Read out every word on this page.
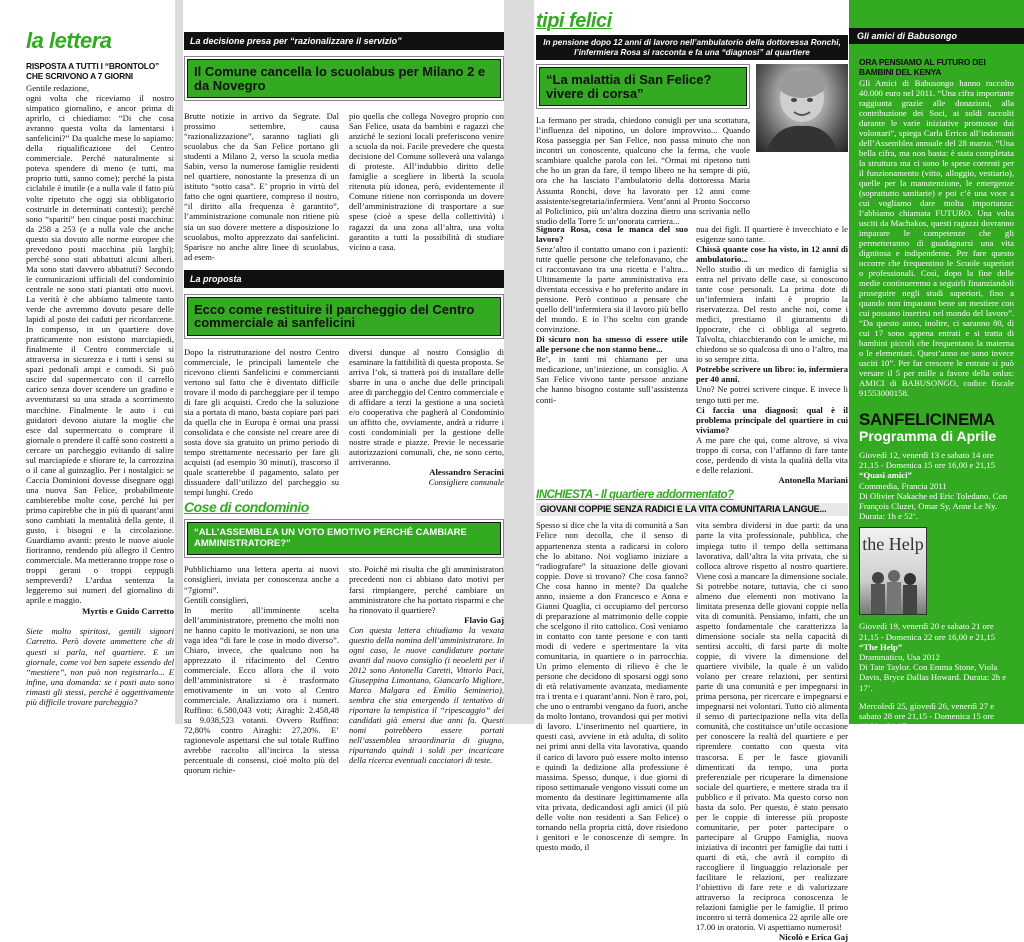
la lettera
RISPOSTA A TUTTI I “BRONTOLO” CHE SCRIVONO A 7 GIORNI

Gentile redazione,

ogni volta che riceviamo il nostro simpatico giornalino, e ancor prima di aprirlo, ci chiediamo: “Di che cosa avranno questa volta da lamentarsi i sanfelicini?” Da qualche mese lo sapiamo: della riqualificazione del Centro commerciale. Perché naturalmente si poteva spendere di meno (e tutti, ma proprio tutti, sanno come); perché la pista ciclabile è inutile (e a nulla vale il fatto più volte ripetuto che oggi sia obbligatorio costruirle in determinati contesti); perché sono “spariti” ben cinque posti macchina: da 258 a 253 (e a nulla vale che anche questo sia dovuto alle norme europee che prevedono posti macchina più larghi); perché sono stati abbattuti alcuni alberi. Ma sono stati davvero abbattuti? Secondo le comunicazioni ufficiali del condominio centrale ne sono stati piantati otto nuovi. La verità è che abbiamo talmente tanto verde che avremmo dovuto pesare delle lapidi al posto dei caduti per ricordarcene. In compenso, in un quartiere dove pratticamente non esistono marciapiedi, finalmente il Centro commerciale si attraversa in sicurezza e i tutti i sensi su spazi pedonali ampi e comodi. Si può uscire dal supermercato con il carrello carico senza dover scendere un gradino e avventurarsi su una strada a scorrimento macchine. Finalmente le auto i cui guidatori devono aiutare la moglie che esce dal supermercato o comprare il giornale o prendere il caffè sono costretti a cercare un parcheggio evitando di salire sul marciapiede e sfiorare te, la carrozzina o il cane al guinzaglio. Per i nostalgici: se Caccia Dominioni dovesse disegnare oggi una nuova San Felice, probabilmente cambierebbe molte cose, perché lui per primo capirebbe che in più di quarant’anni sono cambiati la mentalità della gente, il gusto, i bisogni e la circolazione. Guardiamo avanti: presto le nuove aiuole fioriranno, rendendo più allegro il Centro commerciale. Ma metteranno troppe rose o troppi gerani o troppi ceppugli sempreverdi? L’ardua sentenza la leggeremo sui numeri del giornalino di aprile e maggio.

Myrtis e Guido Carretto
Siete molto spiritosi, gentili signori Carretto. Però dovete ammettere che di questi si parla, nel quartiere. E un giornale, come voi ben sapete essendo del “mestiere”, non può non registrarlo... E infine, una domanda: se i posti auto sono rimasti gli stessi, perché è oggettivamente più difficile trovare parcheggio?
La decisione presa per “razionalizzare il servizio”
Il Comune cancella lo scuolabus per Milano 2 e da Novegro
Brutte notizie in arrivo da Segrate. Dal prossimo settembre, causa “razionalizzazione”, saranno tagliati gli scuolabus che da San Felice portano gli studenti a Milano 2, verso la scuola media Sabin, verso la numerose famiglie residenti nel quartiere, nonostante la presenza di un istituto “sotto casa”. E’ proprio in virtù del fatto che ogni quartiere, compreso il nostro, “il diritto alla frequenza è garantito”, l’amministrazione comunale non ritiene più sia un suo dovere mettere a disposizione lo scuolabus, molto apprezzato dai sanfelicini. Sparisce no anche altre linee di scuolabus, ad esem-
pio quella che collega Novegro proprio con San Felice, usata da bambini e ragazzi che anziché le sezioni locali preferiscono venire a scuola da noi. Facile prevedere che questa decisione del Comune solleverà una valanga di proteste. All’indubbio diritto delle famiglie a scegliere in libertà la scuola ritenuta più idonea, però, evidentemente il Comune ritiene non corrisponda un dovere dell’amministrazione di trasportare a sue spese (cioè a spese della collettività) i ragazzi da una zona all’altra, una volta garantito a tutti la possibilità di studiare vicino a casa.
La proposta
Ecco come restituire il parcheggio del Centro commerciale ai sanfelicini
Dopo la ristrutturazione del nostro Centro commerciale, le principali lamentele che ricevono clienti Sanfelicini e commercianti vertono sul fatto che è diventato difficile trovare il modo di parcheggiare per il tempo di fare gli acquisti. Credo che la soluzione sia a portata di mano, basta copiare pari pari da quella che in Europa è ormai una prassi consolidata e che consiste nel creare aree di sosta dove sia gratuito un primo periodo di tempo strettamente necessario per fare gli acquisti (ad esempio 30 minuti), trascorso il quale scatterebbe il pagamento, salato per dissuadere dall’utilizzo del parcheggio su tempi lunghi. Credo
diversi dunque al nostro Consiglio di esaminare la fattibilità di questa proposta. Se arriva l’ok, si tratterà poi di installare delle sbarre in una o anche due delle principali aree di parcheggio del Centro commerciale e di affidare a terzi la gestione a una società e/o cooperativa che pagherà al Condominio un affitto che, ovviamente, andrà a ridurre i costi condominiali per la gestione delle nostre strade e piazze. Previe le necessarie autorizzazioni comunali, che, ne sono certo, arriveranno.
Alessandro Seracini
Consigliere comunale
Cose di condominio
“ALL’ASSEMBLEA UN VOTO EMOTIVO PERCHÉ CAMBIARE AMMINISTRATORE?”
Pubblichiamo una lettera aperta ai nuovi consiglieri, inviata per conoscenza anche a “7giorni”.
Gentili consiglieri,
In merito all’imminente scelta dell’amministratore, premetto che molti non ne hanno capito le motivazioni, se non una vaga idea “di fare le cose in modo diverso”. Chiaro, invece, che qualcuno non ha apprezzato il rifacimento del Centro commerciale. Ecco allora che il voto dell’amministratore si è trasformato emotivamente in un voto al Centro commerciale. Analizziamo ora i numeri. Ruffino: 6.580,043 voti; Airaghi: 2.458,48 su 9.038,523 votanti. Ovvero Ruffino: 72,80% contro Airaghi: 27,20%. E’ ragionevole aspettarsi che sul totale Ruffino avrebbe raccolto all’incirca la stessa percentuale di consensi, cioè molto più del quorum richie-
sto. Poiché mi risulta che gli amministratori precedenti non ci abbiano dato motivi per farsi rimpiangere, perché cambiare un amministratore che ha portato risparmi e che ha rinnovato il quartiere?
Flavio Gaj
Con questa lettera chiudiamo la vexata questio della nomina dell’amministratore. In ogni caso, le nuove candidature portate avanti dal nuovo consiglio (i neoeletti per il 2012 sono Antonella Caretti, Vittorio Paci, Giuseppina Limontano, Giancarlo Migliore, Marco Malgara ed Emilio Seminerio), sembra che stia emergendo il tentativo di riportare la tempistica il “ripescaggio” dei candidati già emersi due anni fa. Questi nomi potrebbero essere portati nell’assemblea straordinaria di giugno, ripurtando quindi i soldi per incaricare della ricerca eventuali cacciatori di teste.
tipi felici
In pensione dopo 12 anni di lavoro nell’ambulatorio della dottoressa Ronchi, l’infermiera Rosa si racconta e fa una “diagnosi” al quartiere
“La malattia di San Felice? vivere di corsa”
La fermano per strada, chiedono consigli per una scottatura, l’influenza del nipotino, un dolore improvviso... Quando Rosa passeggia per San Felice, non passa minuto che non incontri un conoscente, qualcuno che la ferma, che vuole scambiare qualche parola con lei. “Ormai mi ripetono tutti che ho un gran da fare, il tempo libero ne ha sempre di più, ora che ha lasciato l’ambulatorio della dottoressa Maria Assunta Ronchi, dove ha lavorato per 12 anni come assistente/segretaria/infermiera. Vent’anni al Pronto Soccorso al Policlinico, più un’altra dozzina dietro una scrivania nello studio della Torre 5: un’onorata carriera...

Signora Rosa, cosa le manca del suo lavoro?

Senz’altro il contatto umano con i pazienti: tutte quelle persone che telefonavano, che ci raccontavano tra una ricetta e l’altra... Ultimamente la parte amministrativa era diventata eccessiva e ho preferito andare in pensione. Però continuo a pensare che quello dell’infermiera sia il lavoro più bello del mondo. E io l’ho scelto con grande convinzione.

Di sicuro non ha smesso di essere utile alle persone che non stanno bene...

Be’, in tanti mi chiamano per una medicazione, un’iniezione, un consiglio. A San Felice vivono tante persone anziane che hanno bisogno costante sull’assistenza conti-

nua dei figli. Il quartiere è invecchiato e le esigenze sono tante.

Chissà quante cose ha visto, in 12 anni di ambulatorio...

Nello studio di un medico di famiglia si entra nel privato delle case, si conoscono tante cose personali. La prima dote di un’infermiera infatti è proprio la riservatezza. Del resto anche noi, come i medici, prestiamo il giuramento di Ippocrate, che ci obbliga al segreto. Talvolta, chiacchierando con le amiche, mi chiedono se so qualcosa di uno o l’altro, ma io so sempre zitta.

Potrebbe scrivere un libro: io, infermiera per 40 anni.

Uno? Ne potrei scrivere cinque. E invece li tengo tutti per me.

Ci faccia una diagnosi: qual è il problema principale del quartiere in cui viviamo?

A me pare che qui, come altrove, si viva troppo di corsa, con l’affanno di fare tante cose, perdendo di vista la qualità della vita e delle relazioni.

Antonella Mariani
INCHIESTA - Il quartiere addormentato?
GIOVANI COPPIE SENZA RADICI E LA VITA COMUNITARIA LANGUE...
Spesso si dice che la vita di comunità a San Felice non decolla, che il senso di appartenenza stenta a radicarsi in coloro che lo abitano. Noi vogliamo iniziare a “radiografare” la situazione delle giovani coppie. Dove si trovano? Che cosa fanno? Che cosa hanno in mente? Da qualche anno, insieme a don Francesco e Anna e Gianni Quaglia, ci occupiamo del percorso di preparazione al matrimonio delle coppie che scelgono il rito cattolico. Così veniamo in contatto con tante persone e con tanti modi di vedere e sperimentare la vita comunitaria, in quartiere o in parrocchia. Un primo elemento di rilievo è che le persone che decidono di sposarsi oggi sono di età relativamente avanzata, mediamente tra i trenta e i quarant’anni. Non è raro, poi, che uno o entrambi vengano da fuori, anche da molto lontano, trovandosi qui per motivi di lavoro. L’inserimento nel quartiere, in questi casi, avviene in età adulta, di solito nei primi anni della vita lavorativa, quando il carico di lavoro può essere molto intenso e quindi la dedizione alla professione è massima. Spesso, dunque, i due giorni di riposo settimanale vengono vissuti come un momento da destinare legittimamente alla vita privata, dedicandosi agli amici (il più delle volte non residenti a San Felice) o tornando nella propria città, dove risiedono i genitori e le conoscenze di sempre. In questo modo, il
vita sembra dividersi in due parti: da una parte la vita professionale, pubblica, che impiega tutto il tempo della settimana lavorativa, dall’altra la vita privata, che si colloca altrove rispetto al nostro quartiere. Viene così a mancare la dimensione sociale. Si potrebbe notare, tuttavia, che ci sono almeno due elementi non motivano la limitata presenza delle giovani coppie nella vita di comunità. Pensiamo, infatti, che un aspetto fondamentale che caratterizza la dimensione sociale sta nella capacità di sentirsi accolti, di farsi parte di molte coppie, di vivere la dimensione del quartiere vivibile, la quale è un valido volano per creare relazioni, per sentirsi parte di una comunità e per impegnarsi in prima persona, per ricercare e impegnarsi e impegnarsi nei volontari. Tutto ciò alimenta il senso di partecipazione nella vita della comunità, che costituisce un’utile occasione per conoscere la realtà del quartiere e per riprendere contatto con questa vita trascorsa. E per le fasce giovanili dimenticati da tempo, una porta preferenziale per ricuperare la dimensione sociale del quartiere, e mettere strada tra il pubblico e il privato. Ma questo corso non basta da solo. Per questo, è stato pensato per le coppie di interesse più proposte comunitarie, per poter partecipare o partecipare al Gruppo Famiglia, nuova iniziativa di incontri per famiglie dai tutti i quarti di età, che avrà il compito di raccogliere il linguaggio relazionale per facilitare le relazioni, per realizzare l’obiettivo di fare rete e di valorizzare attraverso la reciproca conoscenza le relazioni famiglie per le famiglie. Il primo incontro si terrà domenica 22 aprile alle ore 17.00 in oratorio. Vi aspettiamo numerosi!
Nicolò e Erica Gaj
Gli amici di Babusongo
ORA PENSIAMO AL FUTURO DEI BAMBINI DEL KENYA
Gli Amici di Babusongo hanno raccolto 40.000 euro nel 2011. “Una cifra importante raggiunta grazie alle donazioni, alla contribuzione dei Soci, ai soldi raccolti durante le varie iniziative promosse dai volontari”, spiega Carla Errico all’indomani dell’Assemblea annuale del 28 marzo. “Una bella cifra, ma non basta: è stata completata la struttura ma ci sono le spese correnti per il funzionamento (vitto, alloggio, vestiario), quelle per la manutenzione, le emergenze (soprattutto sanitarie) e poi c’è una voce a cui vogliamo dare molta importanza: l’abbiamo chiamata FUTURO. Una volta usciti da Machakos, questi ragazzi dovranno imparare le competenze che gli permetteranno di guadagnarsi una vita dignitosa e indipendente. Per fare questo occorre che frequentino le Scuole superiori o professionali. Così, dopo la fine delle medie continueremo a seguirli finanziandoli proseguire negli studi superiori, fino a quando non imparano bene un mestiere con cui possano inserirsi nel mondo del lavoro”. “Da questo anno, inoltre, ci saranno 80, di cui 17 sono appena entrati e si tratta di bambini piccoli che frequentano la materna o le elementari. Quest’anno ne sono invece usciti 10”. Per far crescere le entrate si può versare il 5 per mille a favore della onlus: AMICI di BABUSONGO, codice fiscale 91553000158.
SANFELICINEMA
Programma di Aprile
Giovedì 12, venerdì 13 e sabato 14 ore 21,15 - Domenica 15 ore 16,00 e 21,15
“Quasi amici”
Commedia, Francia 2011
Di Olivier Nakache ed Eric Toledano. Con François Cluzet, Omar Sy, Anne Le Ny. Durata: 1h e 52’.
the Help
Giovedì 19, venerdì 20 e sabato 21 ore 21,15 - Domenica 22 ore 16,00 e 21,15
“The Help”
Drammatico, Usa 2012
Di Tate Taylor. Con Emma Stone, Viola Davis, Bryce Dallas Howard. Durata: 2h e 17’.
Mercoledì 25, giovedì 26, venerdì 27 e sabato 28 ore 21,15 - Domenica 15 ore 16,00 e 21,15
“Magnifica presenza”
Commedia drammatica, Italia 2012
Di Ferzan Ozpetek. Con Elio Germano, Paola Minaccioni, Beppe Fiorello, Margherita Buy. Durata: 1h e 45’.
